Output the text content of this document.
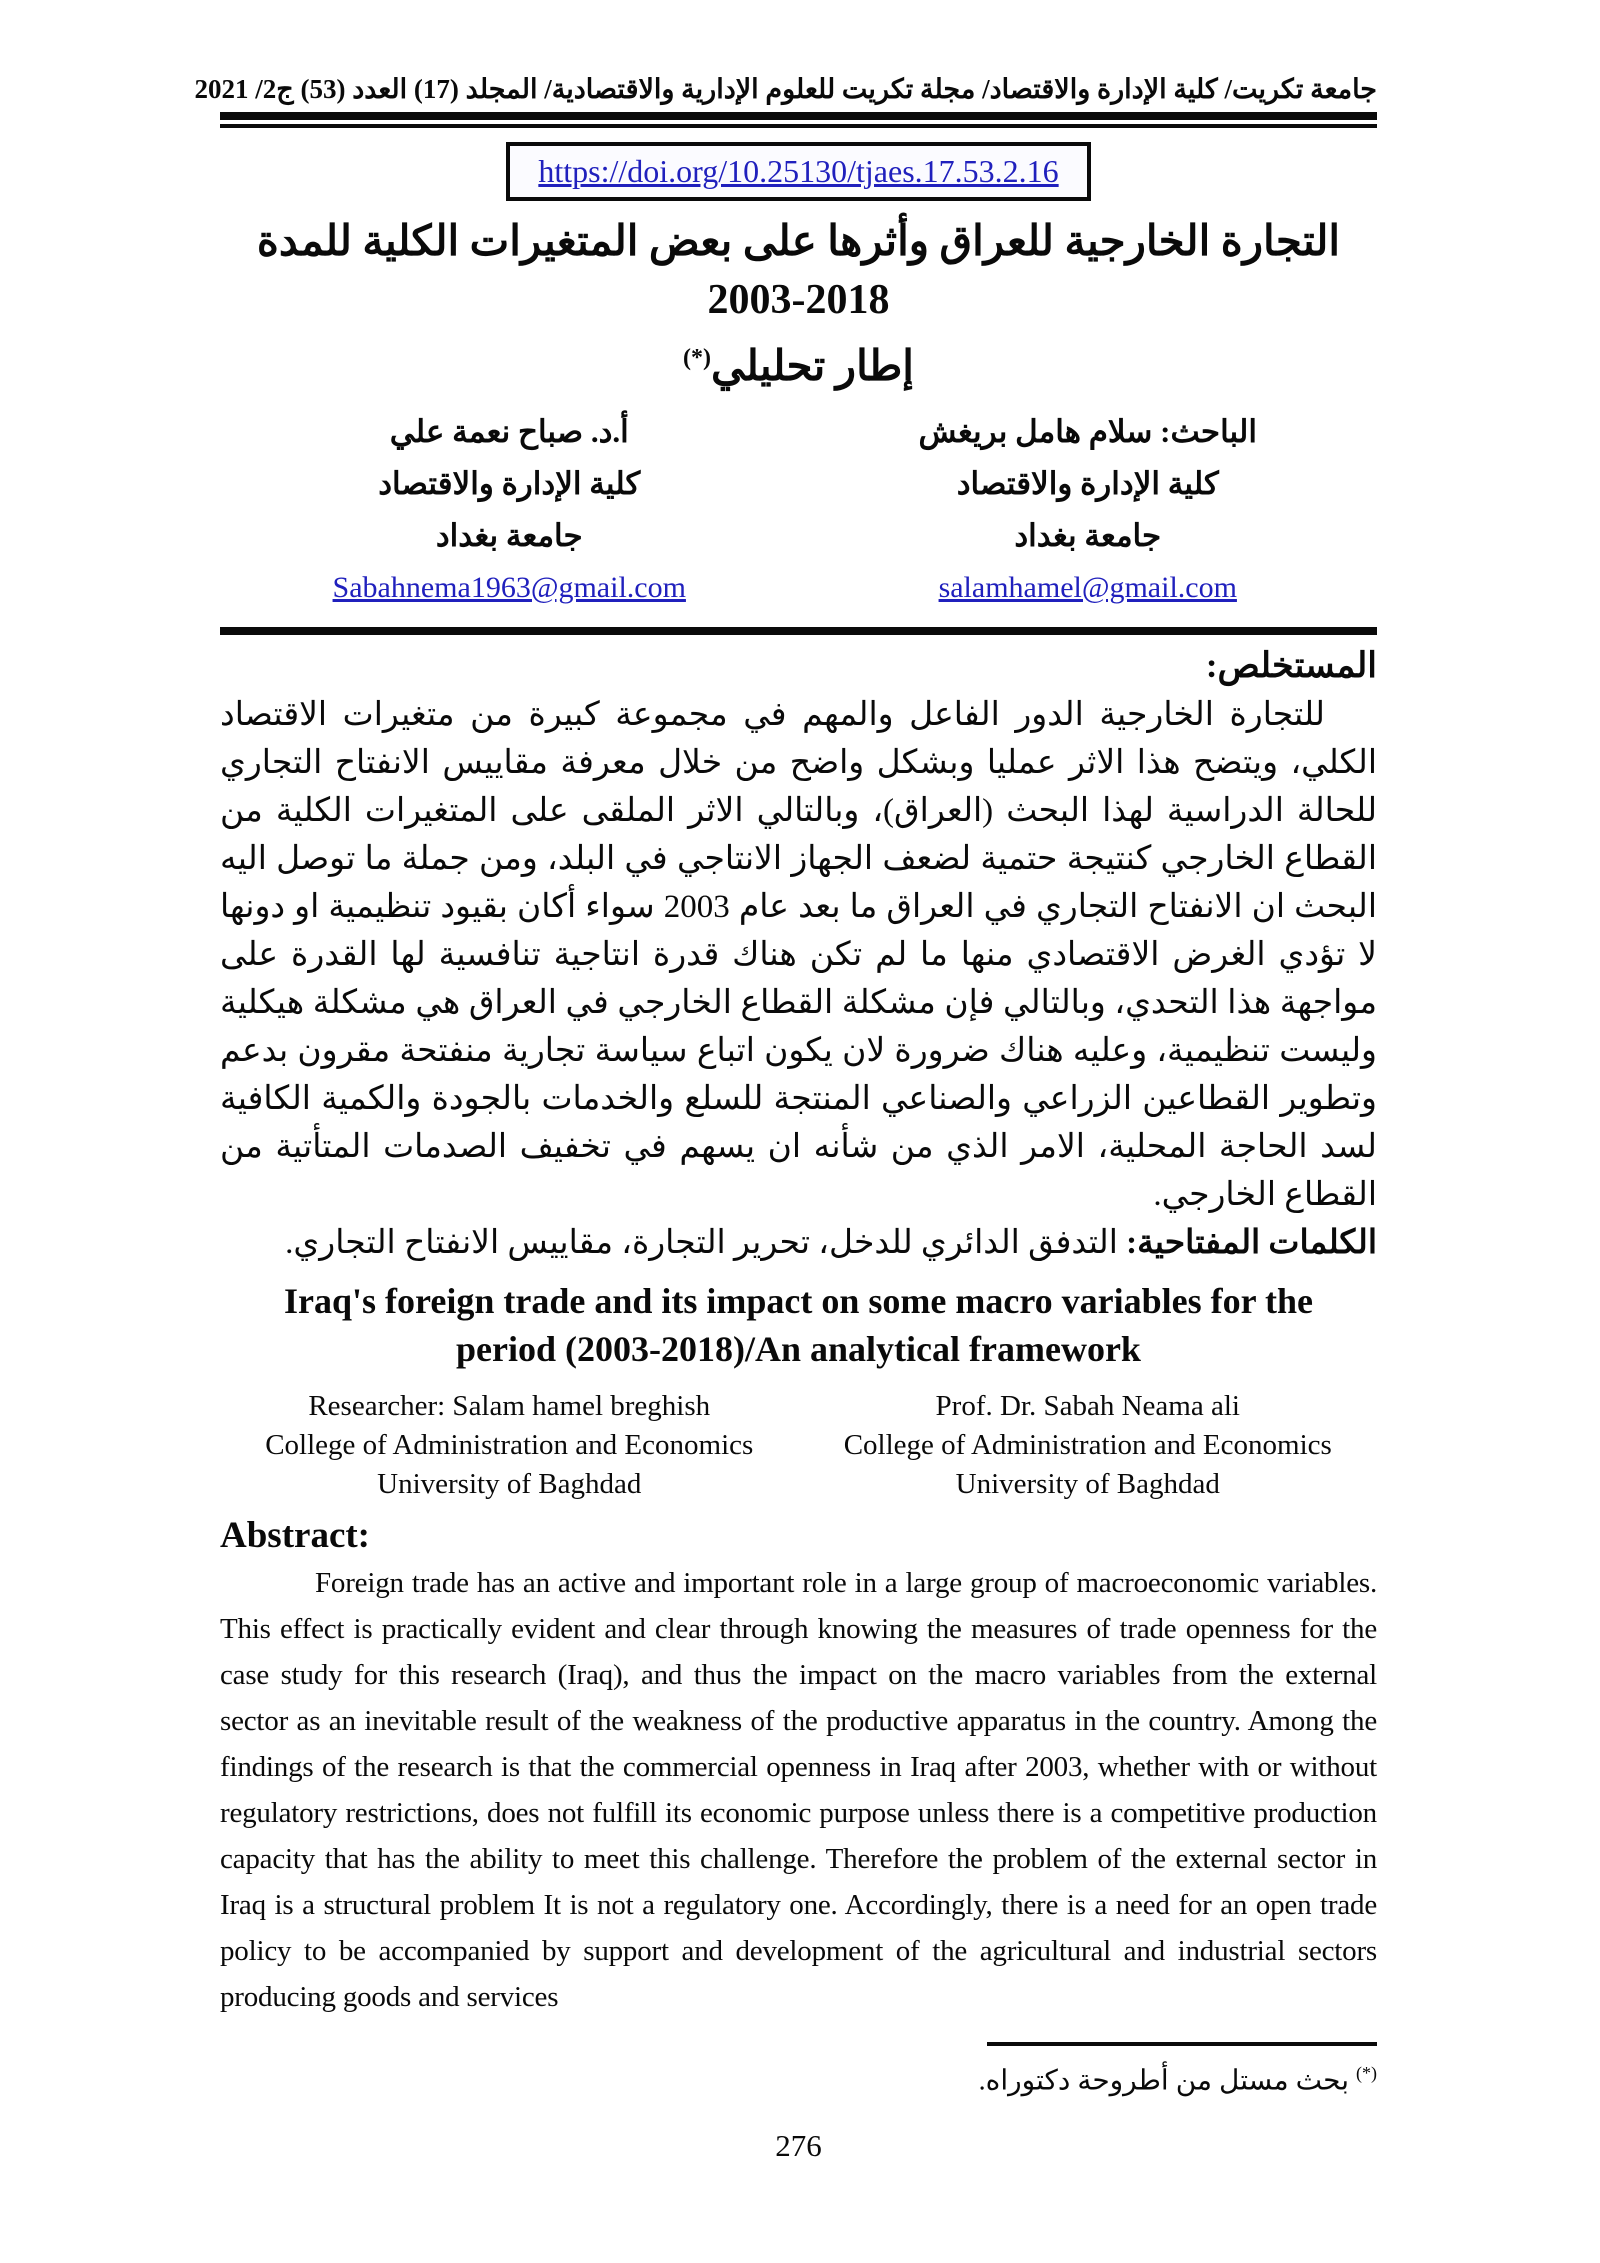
جامعة تكريت/ كلية الإدارة والاقتصاد/ مجلة تكريت للعلوم الإدارية والاقتصادية/ المجلد (17) العدد (53) ج2/ 2021
https://doi.org/10.25130/tjaes.17.53.2.16
التجارة الخارجية للعراق وأثرها على بعض المتغيرات الكلية للمدة 2018-2003
إطار تحليلي(*)
الباحث: سلام هامل بريغش
كلية الإدارة والاقتصاد
جامعة بغداد
salamhamel@gmail.com
أ.د. صباح نعمة علي
كلية الإدارة والاقتصاد
جامعة بغداد
Sabahnema1963@gmail.com
المستخلص:
للتجارة الخارجية الدور الفاعل والمهم في مجموعة كبيرة من متغيرات الاقتصاد الكلي، ويتضح هذا الاثر عمليا وبشكل واضح من خلال معرفة مقاييس الانفتاح التجاري للحالة الدراسية لهذا البحث (العراق)، وبالتالي الاثر الملقى على المتغيرات الكلية من القطاع الخارجي كنتيجة حتمية لضعف الجهاز الانتاجي في البلد، ومن جملة ما توصل اليه البحث ان الانفتاح التجاري في العراق ما بعد عام 2003 سواء أكان بقيود تنظيمية او دونها لا تؤدي الغرض الاقتصادي منها ما لم تكن هناك قدرة انتاجية تنافسية لها القدرة على مواجهة هذا التحدي، وبالتالي فإن مشكلة القطاع الخارجي في العراق هي مشكلة هيكلية وليست تنظيمية، وعليه هناك ضرورة لان يكون اتباع سياسة تجارية منفتحة مقرون بدعم وتطوير القطاعين الزراعي والصناعي المنتجة للسلع والخدمات بالجودة والكمية الكافية لسد الحاجة المحلية، الامر الذي من شأنه ان يسهم في تخفيف الصدمات المتأتية من القطاع الخارجي.
الكلمات المفتاحية: التدفق الدائري للدخل، تحرير التجارة، مقاييس الانفتاح التجاري.
Iraq's foreign trade and its impact on some macro variables for the
period (2003-2018)/An analytical framework
Researcher: Salam hamel breghish
College of Administration and Economics
University of Baghdad
Prof. Dr. Sabah Neama ali
College of Administration and Economics
University of Baghdad
Abstract:
Foreign trade has an active and important role in a large group of macroeconomic variables. This effect is practically evident and clear through knowing the measures of trade openness for the case study for this research (Iraq), and thus the impact on the macro variables from the external sector as an inevitable result of the weakness of the productive apparatus in the country. Among the findings of the research is that the commercial openness in Iraq after 2003, whether with or without regulatory restrictions, does not fulfill its economic purpose unless there is a competitive production capacity that has the ability to meet this challenge. Therefore the problem of the external sector in Iraq is a structural problem It is not a regulatory one. Accordingly, there is a need for an open trade policy to be accompanied by support and development of the agricultural and industrial sectors producing goods and services
(*) بحث مستل من أطروحة دكتوراه.
276
